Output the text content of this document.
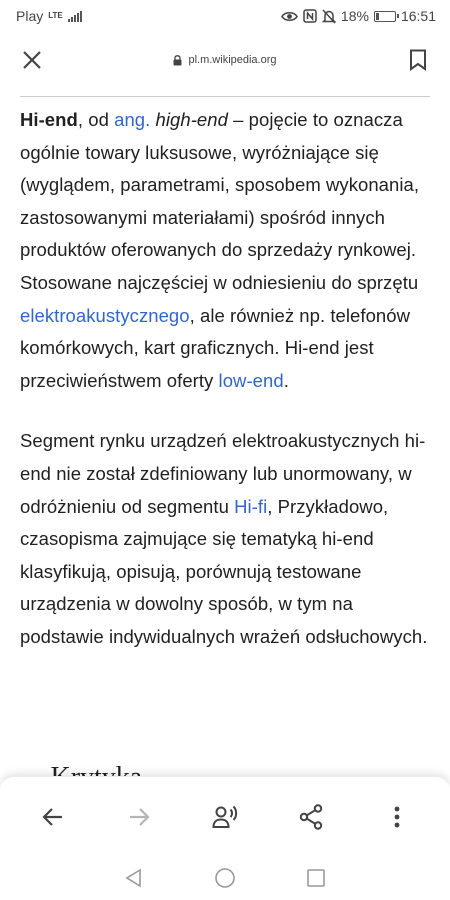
Play LTE	18% 16:51
pl.m.wikipedia.org

Hi-end, od ang. high-end – pojęcie to oznacza ogólnie towary luksusowe, wyróżniające się (wyglądem, parametrami, sposobem wykonania, zastosowanymi materiałami) spośród innych produktów oferowanych do sprzedaży rynkowej. Stosowane najczęściej w odniesieniu do sprzętu elektroakustycznego, ale również np. telefonów komórkowych, kart graficznych. Hi-end jest przeciwieństwem oferty low-end.

Segment rynku urządzeń elektroakustycznych hi-end nie został zdefiniowany lub unormowany, w odróżnieniu od segmentu Hi-fi, Przykładowo, czasopisma zajmujące się tematyką hi-end klasyfikują, opisują, porównują testowane urządzenia w dowolny sposób, w tym na podstawie indywidualnych wrażeń odsłuchowych.
